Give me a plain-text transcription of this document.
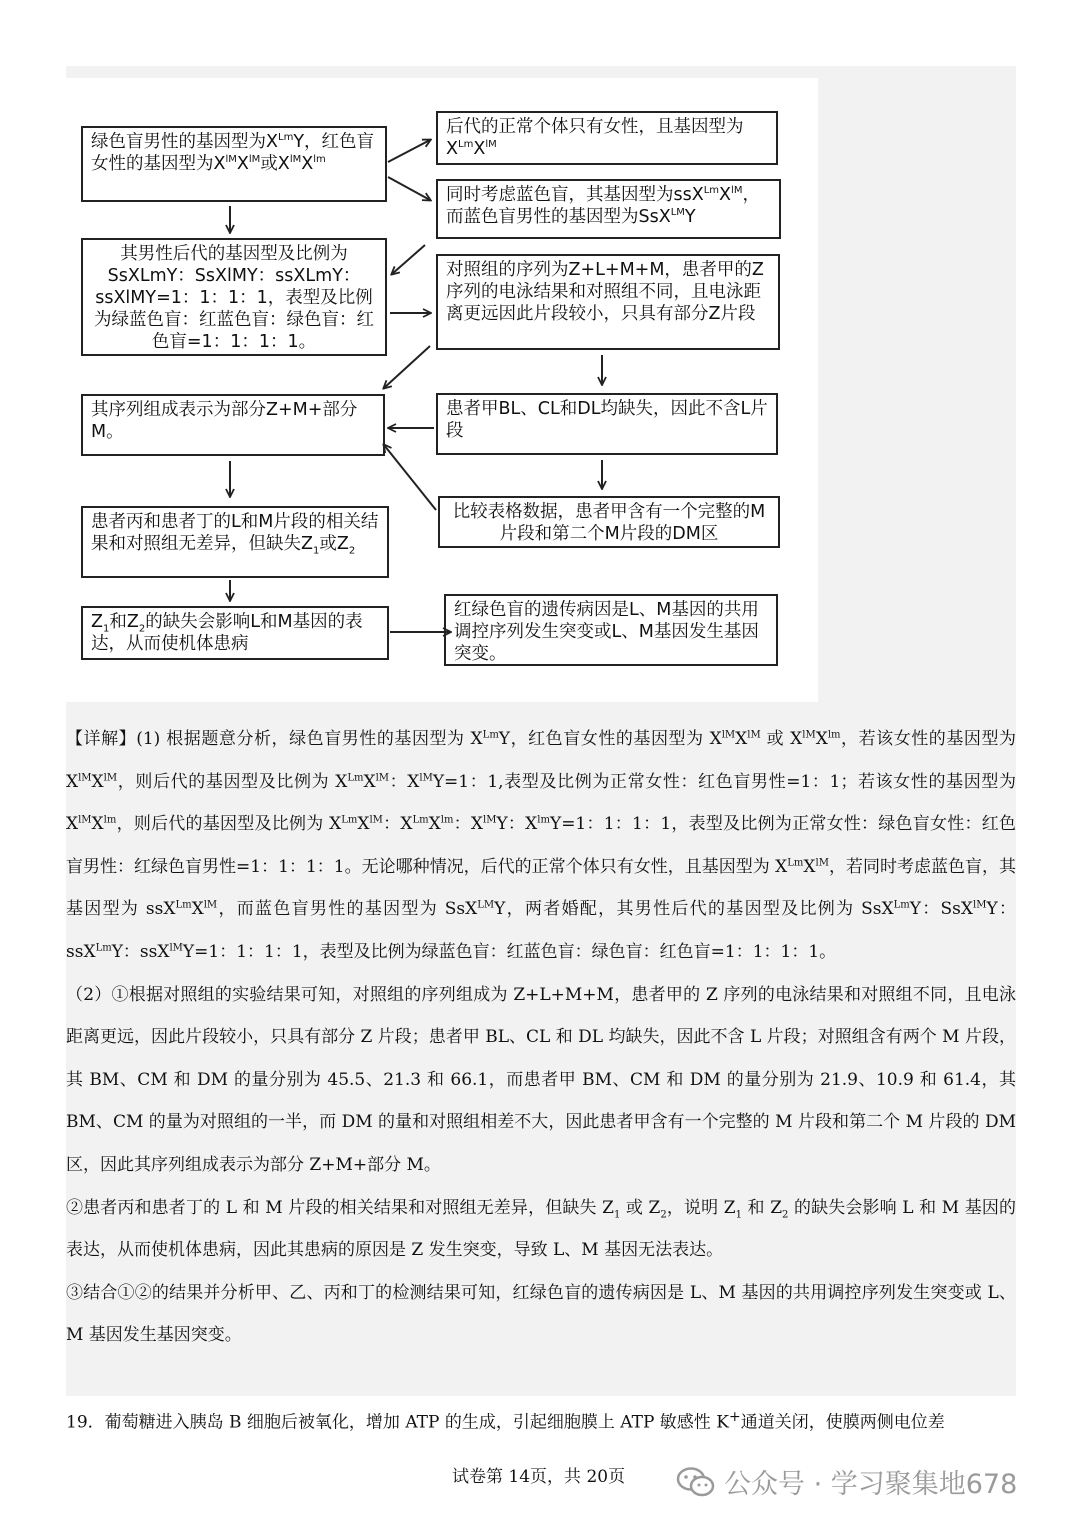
绿色盲男性的基因型为$X^{Lm}Y$，红色盲女性的基因型为$X^{lM}X^{lM}$或$X^{lM}X^{lm}$
其男性后代的基因型及比例为SsXLmY：SsXlMY：ssXLmY：ssXlMY=1：1：1：1，表型及比例为绿蓝色盲：红蓝色盲：绿色盲：红色盲=1：1：1：1。
其序列组成表示为部分Z+M+部分M。
患者丙和患者丁的L和M片段的相关结果和对照组无差异，但缺失$Z_1$或$Z_2$
$Z_1$和$Z_2$的缺失会影响L和M基因的表达，从而使机体患病
后代的正常个体只有女性，且基因型为$X^{Lm}X^{lM}$
同时考虑蓝色盲，其基因型为$ssX^{Lm}X^{lM}$，而蓝色盲男性的基因型为SsX$^{LM}$Y
对照组的序列为Z+L+M+M，患者甲的Z序列的电泳结果和对照组不同，且电泳距离更远因此片段较小，只具有部分Z片段
患者甲BL、CL和DL均缺失，因此不含L片段
比较表格数据，患者甲含有一个完整的M片段和第二个M片段的DM区
红绿色盲的遗传病因是L、M基因的共用调控序列发生突变或L、M基因发生基因突变。

【详解】(1) 根据题意分析，绿色盲男性的基因型为 $X^{Lm}Y$，红色盲女性的基因型为 $X^{lM}X^{lM}$ 或 $X^{lM}X^{lm}$，若该女性的基因型为 $X^{lM}X^{lM}$，则后代的基因型及比例为 $X^{Lm}X^{lM}$：$X^{lM}Y=1$：1,表型及比例为正常女性：红色盲男性=1：1；若该女性的基因型为 $X^{lM}X^{lm}$，则后代的基因型及比例为 $X^{Lm}X^{lM}$：$X^{Lm}X^{lm}$：$X^{lM}Y$：$X^{lm}Y=1$：1：1：1，表型及比例为正常女性：绿色盲女性：红色盲男性：红绿色盲男性=1：1：1：1。无论哪种情况，后代的正常个体只有女性，且基因型为 $X^{Lm}X^{lM}$，若同时考虑蓝色盲，其基因型为 $ssX^{Lm}X^{lM}$，而蓝色盲男性的基因型为 SsX$^{LM}$Y，两者婚配，其男性后代的基因型及比例为 SsX$^{Lm}$Y：SsX$^{lM}$Y：ssX$^{Lm}$Y：ssX$^{lM}$Y=1：1：1：1，表型及比例为绿蓝色盲：红蓝色盲：绿色盲：红色盲=1：1：1：1。

（2）①根据对照组的实验结果可知，对照组的序列组成为 Z+L+M+M，患者甲的 Z 序列的电泳结果和对照组不同，且电泳距离更远，因此片段较小，只具有部分 Z 片段；患者甲 BL、CL 和 DL 均缺失，因此不含 L 片段；对照组含有两个 M 片段，其 BM、CM 和 DM 的量分别为 45.5、21.3 和 66.1，而患者甲 BM、CM 和 DM 的量分别为 21.9、10.9 和 61.4，其 BM、CM 的量为对照组的一半，而 DM 的量和对照组相差不大，因此患者甲含有一个完整的 M 片段和第二个 M 片段的 DM 区，因此其序列组成表示为部分 Z+M+部分 M。

②患者丙和患者丁的 L 和 M 片段的相关结果和对照组无差异，但缺失 $Z_1$ 或 $Z_2$，说明 $Z_1$ 和 $Z_2$ 的缺失会影响 L 和 M 基因的表达，从而使机体患病，因此其患病的原因是 Z 发生突变，导致 L、M 基因无法表达。

③结合①②的结果并分析甲、乙、丙和丁的检测结果可知，红绿色盲的遗传病因是 L、M 基因的共用调控序列发生突变或 L、M 基因发生基因突变。

19．葡萄糖进入胰岛 B 细胞后被氧化，增加 ATP 的生成，引起细胞膜上 ATP 敏感性 K+通道关闭，使膜两侧电位差
试卷第 14页，共 20页	公众号 · 学习聚集地678
